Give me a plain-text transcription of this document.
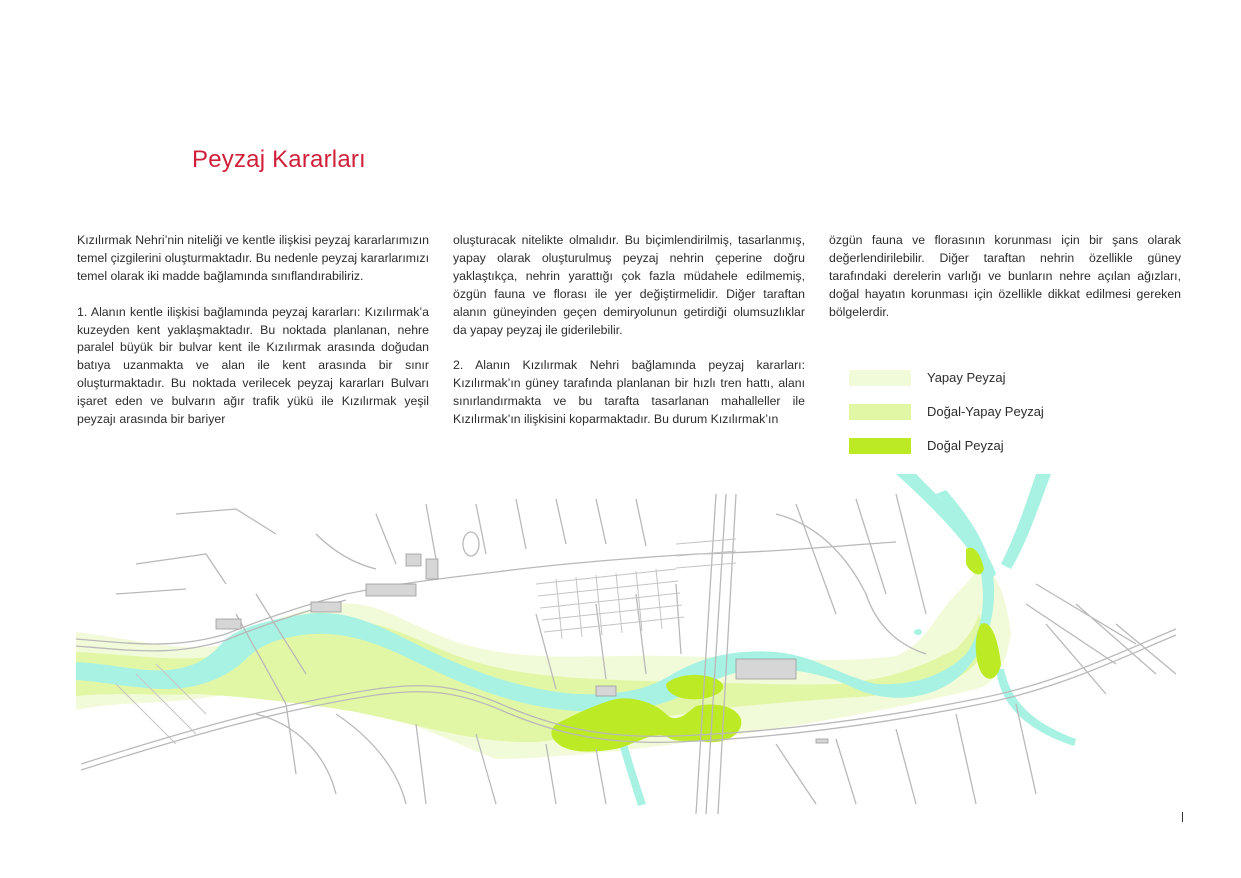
Peyzaj Kararları

Kızılırmak Nehri’nin niteliği ve kentle ilişkisi peyzaj kararlarımızın temel çizgilerini oluşturmaktadır. Bu nedenle peyzaj kararlarımızı temel olarak iki madde bağlamında sınıflandırabiliriz.

1. Alanın kentle ilişkisi bağlamında peyzaj kararları: Kızılırmak’a kuzeyden kent yaklaşmaktadır. Bu noktada planlanan, nehre paralel büyük bir bulvar kent ile Kızılırmak arasında doğudan batıya uzanmakta ve alan ile kent arasında bir sınır oluşturmaktadır. Bu noktada verilecek peyzaj kararları Bulvarı işaret eden ve bulvarın ağır trafik yükü ile Kızılırmak yeşil peyzajı arasında bir bariyer

oluşturacak nitelikte olmalıdır. Bu biçimlendirilmiş, tasarlanmış, yapay olarak oluşturulmuş peyzaj nehrin çeperine doğru yaklaştıkça, nehrin yarattığı çok fazla müdahele edilmemiş, özgün fauna ve florası ile yer değiştirmelidir. Diğer taraftan alanın güneyinden geçen demiryolunun getirdiği olumsuzlıklar da yapay peyzaj ile giderilebilir.

2. Alanın Kızılırmak Nehri bağlamında peyzaj kararları: Kızılırmak’ın güney tarafında planlanan bir hızlı tren hattı, alanı sınırlandırmakta ve bu tarafta tasarlanan mahalleller ile Kızılırmak’ın ilişkisini koparmaktadır. Bu durum Kızılırmak’ın

özgün fauna ve florasının korunması için bir şans olarak değerlendirilebilir. Diğer taraftan nehrin özellikle güney tarafındaki derelerin varlığı ve bunların nehre açılan ağızları, doğal hayatın korunması için özellikle dikkat edilmesi gereken bölgelerdir.

Yapay Peyzaj
Doğal-Yapay Peyzaj
Doğal Peyzaj
